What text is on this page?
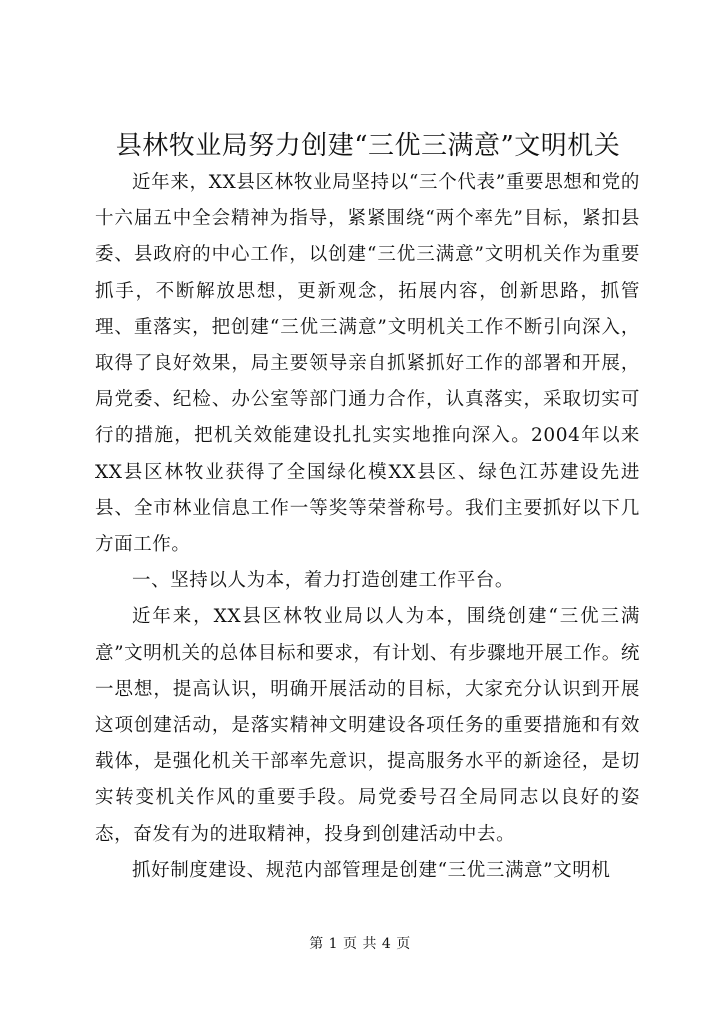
县林牧业局努力创建“三优三满意”文明机关

近年来，XX县区林牧业局坚持以“三个代表”重要思想和党的十六届五中全会精神为指导，紧紧围绕“两个率先”目标，紧扣县委、县政府的中心工作，以创建“三优三满意”文明机关作为重要抓手，不断解放思想，更新观念，拓展内容，创新思路，抓管理、重落实，把创建“三优三满意”文明机关工作不断引向深入，取得了良好效果，局主要领导亲自抓紧抓好工作的部署和开展，局党委、纪检、办公室等部门通力合作，认真落实，采取切实可行的措施，把机关效能建设扎扎实实地推向深入。2004年以来XX县区林牧业获得了全国绿化模XX县区、绿色江苏建设先进县、全市林业信息工作一等奖等荣誉称号。我们主要抓好以下几方面工作。

一、坚持以人为本，着力打造创建工作平台。

近年来，XX县区林牧业局以人为本，围绕创建“三优三满意”文明机关的总体目标和要求，有计划、有步骤地开展工作。统一思想，提高认识，明确开展活动的目标，大家充分认识到开展这项创建活动，是落实精神文明建设各项任务的重要措施和有效载体，是强化机关干部率先意识，提高服务水平的新途径，是切实转变机关作风的重要手段。局党委号召全局同志以良好的姿态，奋发有为的进取精神，投身到创建活动中去。

抓好制度建设、规范内部管理是创建“三优三满意”文明机

第 1 页 共 4 页
